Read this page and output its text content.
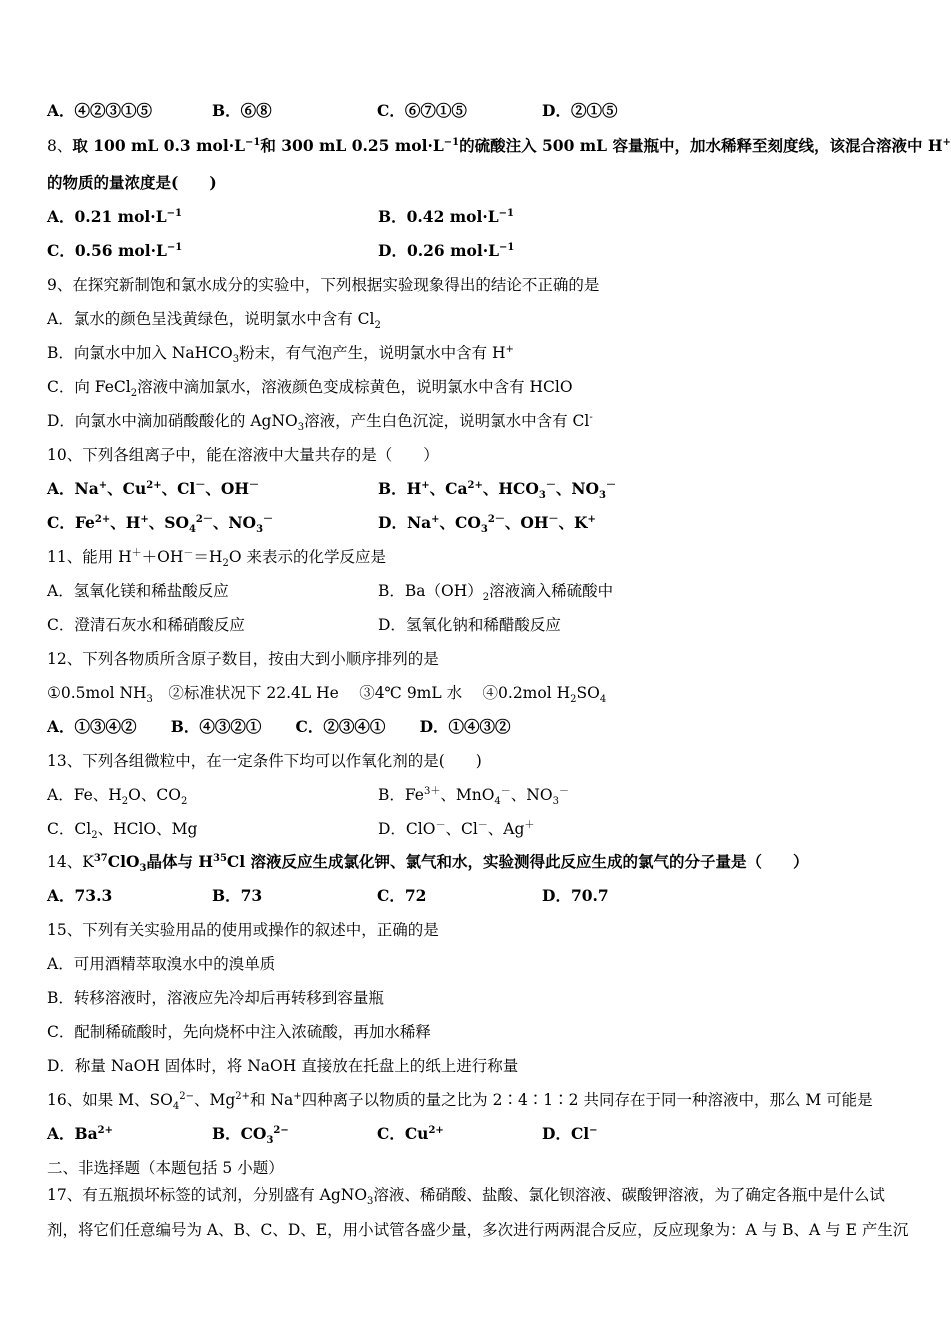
A．④②③①⑤	B．⑥⑧	C．⑥⑦①⑤	D．②①⑤
8、取 100 mL 0.3 $mol\cdot L^{-1}$和 300 mL 0.25 $mol\cdot L^{-1}$的硫酸注入 500 mL 容量瓶中，加水稀释至刻度线，该混合溶液中 H+
的物质的量浓度是(　　)
A．0.21 $mol\cdot L^{-1}$	B．0.42 $mol\cdot L^{-1}$
C．0.56 $mol\cdot L^{-1}$	D．0.26 $mol\cdot L^{-1}$
9、在探究新制饱和氯水成分的实验中，下列根据实验现象得出的结论不正确的是
A．氯水的颜色呈浅黄绿色，说明氯水中含有 $Cl_2$
B．向氯水中加入 NaHCO$_3$粉末，有气泡产生，说明氯水中含有 H+
C．向 FeCl$_2$溶液中滴加氯水，溶液颜色变成棕黄色，说明氯水中含有 HClO
D．向氯水中滴加硝酸酸化的 AgNO$_3$溶液，产生白色沉淀，说明氯水中含有 Cl-
10、下列各组离子中，能在溶液中大量共存的是（　　）
A．Na+、$Cu^{2+}$、Cl－、OH－	B．H+、$Ca^{2+}$、$HCO_3^-$、$NO_3^-$
C．$Fe^{2+}$、H+、$SO_4^{2-}$、$NO_3^-$	D．Na+、$CO_3^{2-}$、OH－、K+
11、能用 $H^++OH^-=H_2O$ 来表示的化学反应是
A．氢氧化镁和稀盐酸反应	B．$Ba(OH)_2$溶液滴入稀硫酸中
C．澄清石灰水和稀硝酸反应	D．氢氧化钠和稀醋酸反应
12、下列各物质所含原子数目，按由大到小顺序排列的是
①0.5mol $NH_3$　②标准状况下 22.4L He　 ③4℃ 9mL 水　 ④0.2mol $H_2SO_4$
A．①③④② B．④③②① C．②③④① D．①④③②
13、下列各组微粒中，在一定条件下均可以作氧化剂的是(　　)
A．Fe、$H_2O$、$CO_2$	B．$Fe^{3+}$、MnO$_4$－、$NO_3^-$
C．$Cl_2$、HClO、Mg	D．ClO－、Cl－、Ag＋
14、$K^{37}ClO_3$晶体与 $H^{35}Cl$ 溶液反应生成氯化钾、氯气和水，实验测得此反应生成的氯气的分子量是（　　）
A．73.3	B．73	C．72	D．70.7
15、下列有关实验用品的使用或操作的叙述中，正确的是
A．可用酒精萃取溴水中的溴单质
B．转移溶液时，溶液应先冷却后再转移到容量瓶
C．配制稀硫酸时，先向烧杯中注入浓硫酸，再加水稀释
D．称量 NaOH 固体时，将 NaOH 直接放在托盘上的纸上进行称量
16、如果 M、$SO_4^{2-}$、$Mg^{2+}$和 Na+四种离子以物质的量之比为 2∶4∶1∶2 共同存在于同一种溶液中，那么 M 可能是
A．$Ba^{2+}$	B．$CO_3^{2-}$	C．$Cu^{2+}$	D．Cl−
二、非选择题（本题包括 5 小题）
17、有五瓶损坏标签的试剂，分别盛有 AgNO$_3$溶液、稀硝酸、盐酸、氯化钡溶液、碳酸钾溶液，为了确定各瓶中是什么试
剂，将它们任意编号为 A、B、C、D、E，用小试管各盛少量，多次进行两两混合反应，反应现象为：A 与 B、A 与 E 产生沉
